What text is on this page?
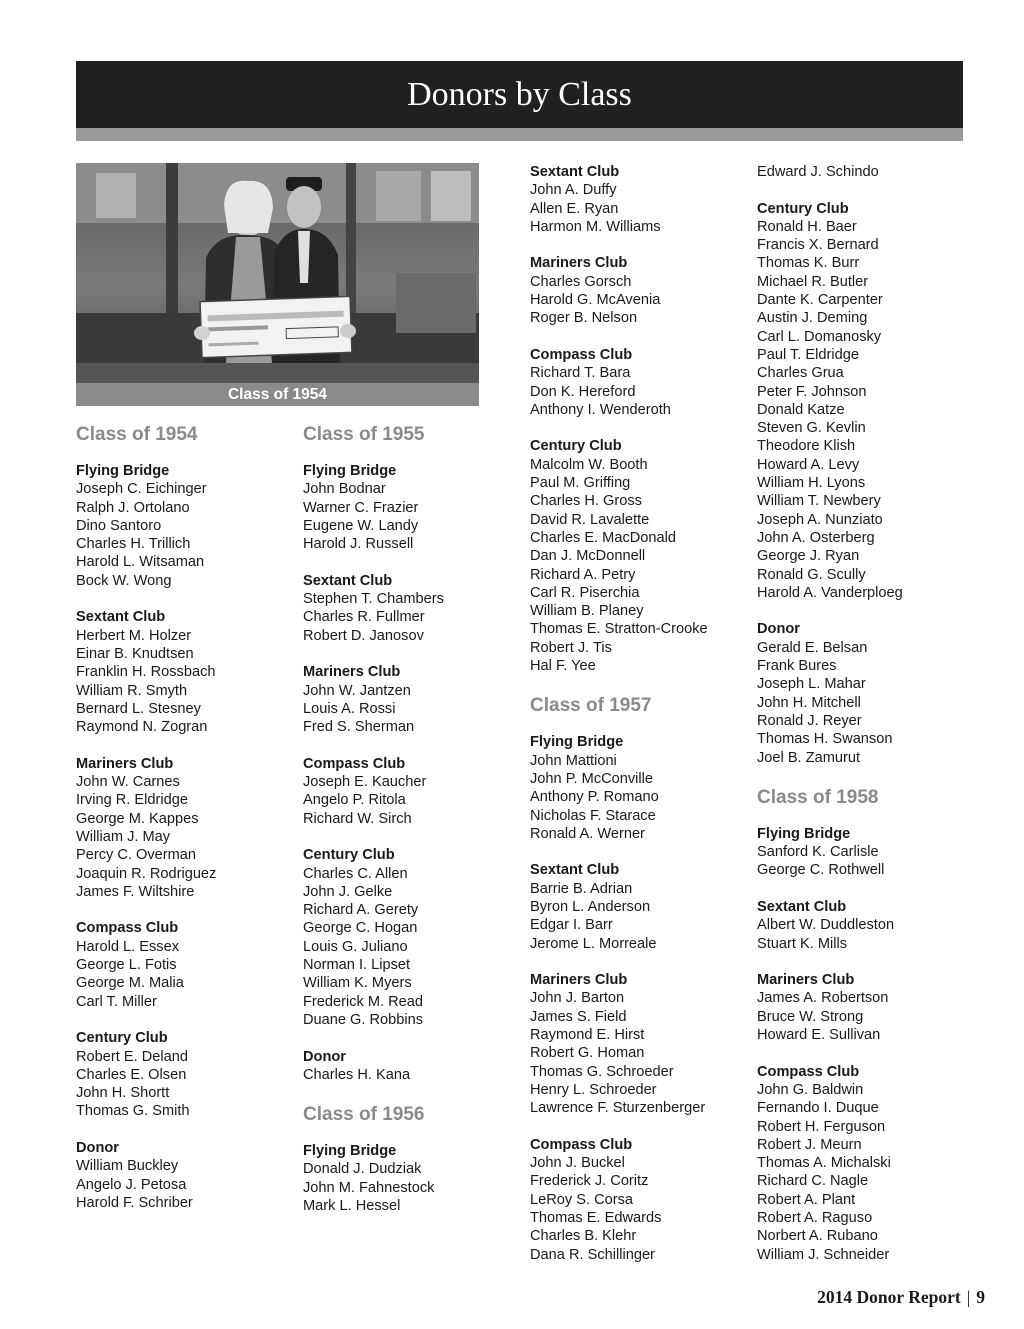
Donors by Class
Class of 1954
Class of 1954
Flying Bridge
Joseph C. Eichinger
Ralph J. Ortolano
Dino Santoro
Charles H. Trillich
Harold L. Witsaman
Bock W. Wong
Sextant Club
Herbert M. Holzer
Einar B. Knudtsen
Franklin H. Rossbach
William R. Smyth
Bernard L. Stesney
Raymond N. Zogran
Mariners Club
John W. Carnes
Irving R. Eldridge
George M. Kappes
William J. May
Percy C. Overman
Joaquin R. Rodriguez
James F. Wiltshire
Compass Club
Harold L. Essex
George L. Fotis
George M. Malia
Carl T. Miller
Century Club
Robert E. Deland
Charles E. Olsen
John H. Shortt
Thomas G. Smith
Donor
William Buckley
Angelo J. Petosa
Harold F. Schriber
Class of 1955
Flying Bridge
John Bodnar
Warner C. Frazier
Eugene W. Landy
Harold J. Russell
Sextant Club
Stephen T. Chambers
Charles R. Fullmer
Robert D. Janosov
Mariners Club
John W. Jantzen
Louis A. Rossi
Fred S. Sherman
Compass Club
Joseph E. Kaucher
Angelo P. Ritola
Richard W. Sirch
Century Club
Charles C. Allen
John J. Gelke
Richard A. Gerety
George C. Hogan
Louis G. Juliano
Norman I. Lipset
William K. Myers
Frederick M. Read
Duane G. Robbins
Donor
Charles H. Kana
Class of 1956
Flying Bridge
Donald J. Dudziak
John M. Fahnestock
Mark L. Hessel
Sextant Club
John A. Duffy
Allen E. Ryan
Harmon M. Williams
Mariners Club
Charles Gorsch
Harold G. McAvenia
Roger B. Nelson
Compass Club
Richard T. Bara
Don K. Hereford
Anthony I. Wenderoth
Century Club
Malcolm W. Booth
Paul M. Griffing
Charles H. Gross
David R. Lavalette
Charles E. MacDonald
Dan J. McDonnell
Richard A. Petry
Carl R. Piserchia
William B. Planey
Thomas E. Stratton-Crooke
Robert J. Tis
Hal F. Yee
Class of 1957
Flying Bridge
John Mattioni
John P. McConville
Anthony P. Romano
Nicholas F. Starace
Ronald A. Werner
Sextant Club
Barrie B. Adrian
Byron L. Anderson
Edgar I. Barr
Jerome L. Morreale
Mariners Club
John J. Barton
James S. Field
Raymond E. Hirst
Robert G. Homan
Thomas G. Schroeder
Henry L. Schroeder
Lawrence F. Sturzenberger
Compass Club
John J. Buckel
Frederick J. Coritz
LeRoy S. Corsa
Thomas E. Edwards
Charles B. Klehr
Dana R. Schillinger
Edward J. Schindo
Century Club
Ronald H. Baer
Francis X. Bernard
Thomas K. Burr
Michael R. Butler
Dante K. Carpenter
Austin J. Deming
Carl L. Domanosky
Paul T. Eldridge
Charles Grua
Peter F. Johnson
Donald Katze
Steven G. Kevlin
Theodore Klish
Howard A. Levy
William H. Lyons
William T. Newbery
Joseph A. Nunziato
John A. Osterberg
George J. Ryan
Ronald G. Scully
Harold A. Vanderploeg
Donor
Gerald E. Belsan
Frank Bures
Joseph L. Mahar
John H. Mitchell
Ronald J. Reyer
Thomas H. Swanson
Joel B. Zamurut
Class of 1958
Flying Bridge
Sanford K. Carlisle
George C. Rothwell
Sextant Club
Albert W. Duddleston
Stuart K. Mills
Mariners Club
James A. Robertson
Bruce W. Strong
Howard E. Sullivan
Compass Club
John G. Baldwin
Fernando I. Duque
Robert H. Ferguson
Robert J. Meurn
Thomas A. Michalski
Richard C. Nagle
Robert A. Plant
Robert A. Raguso
Norbert A. Rubano
William J. Schneider
2014 Donor Report | 9
